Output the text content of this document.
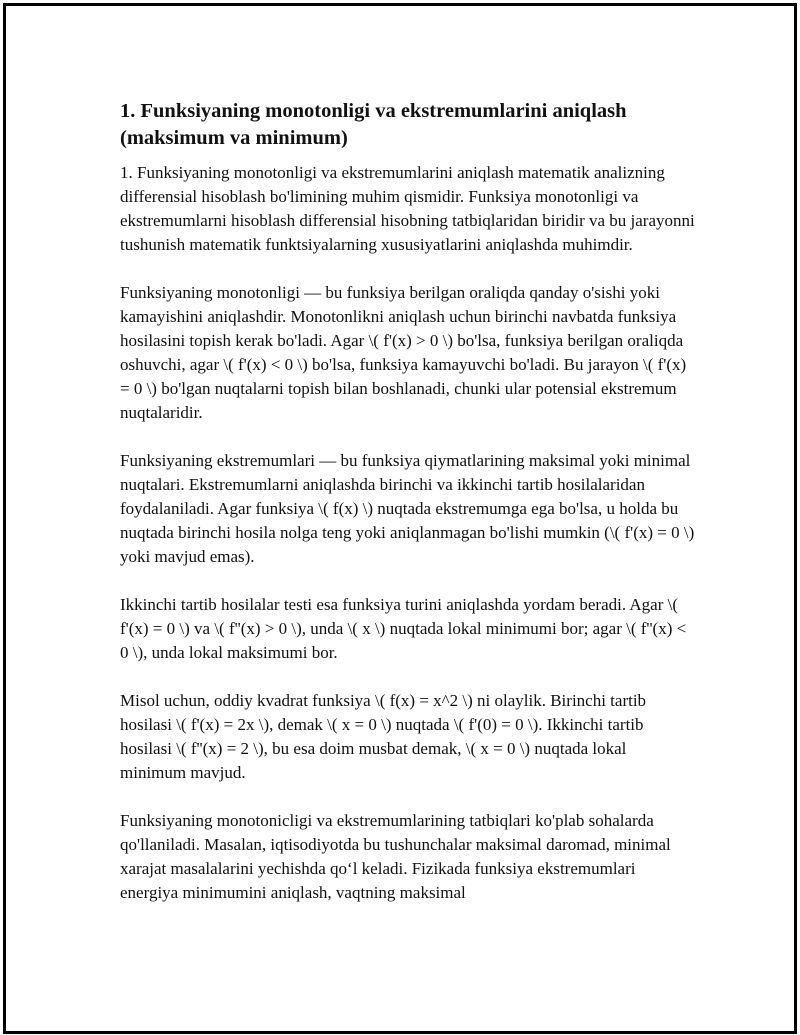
1. Funksiyaning monotonligi va ekstremumlarini aniqlash (maksimum va minimum)

1. Funksiyaning monotonligi va ekstremumlarini aniqlash matematik analizning differensial hisoblash bo'limining muhim qismidir. Funksiya monotonligi va ekstremumlarni hisoblash differensial hisobning tatbiqlaridan biridir va bu jarayonni tushunish matematik funktsiyalarning xususiyatlarini aniqlashda muhimdir.

Funksiyaning monotonligi — bu funksiya berilgan oraliqda qanday o'sishi yoki kamayishini aniqlashdir. Monotonlikni aniqlash uchun birinchi navbatda funksiya hosilasini topish kerak bo'ladi. Agar \( f'(x) > 0 \) bo'lsa, funksiya berilgan oraliqda oshuvchi, agar \( f'(x) < 0 \) bo'lsa, funksiya kamayuvchi bo'ladi. Bu jarayon \( f'(x) = 0 \) bo'lgan nuqtalarni topish bilan boshlanadi, chunki ular potensial ekstremum nuqtalaridir.

Funksiyaning ekstremumlari — bu funksiya qiymatlarining maksimal yoki minimal nuqtalari. Ekstremumlarni aniqlashda birinchi va ikkinchi tartib hosilalaridan foydalaniladi. Agar funksiya \( f(x) \) nuqtada ekstremumga ega bo'lsa, u holda bu nuqtada birinchi hosila nolga teng yoki aniqlanmagan bo'lishi mumkin (\( f'(x) = 0 \) yoki mavjud emas).

Ikkinchi tartib hosilalar testi esa funksiya turini aniqlashda yordam beradi. Agar \( f'(x) = 0 \) va \( f''(x) > 0 \), unda \( x \) nuqtada lokal minimumi bor; agar \( f''(x) < 0 \), unda lokal maksimumi bor.

Misol uchun, oddiy kvadrat funksiya \( f(x) = x^2 \) ni olaylik. Birinchi tartib hosilasi \( f'(x) = 2x \), demak \( x = 0 \) nuqtada \( f'(0) = 0 \). Ikkinchi tartib hosilasi \( f''(x) = 2 \), bu esa doim musbat demak, \( x = 0 \) nuqtada lokal minimum mavjud.

Funksiyaning monotonicligi va ekstremumlarining tatbiqlari ko'plab sohalarda qo'llaniladi. Masalan, iqtisodiyotda bu tushunchalar maksimal daromad, minimal xarajat masalalarini yechishda qo‘l keladi. Fizikada funksiya ekstremumlari energiya minimumini aniqlash, vaqtning maksimal
